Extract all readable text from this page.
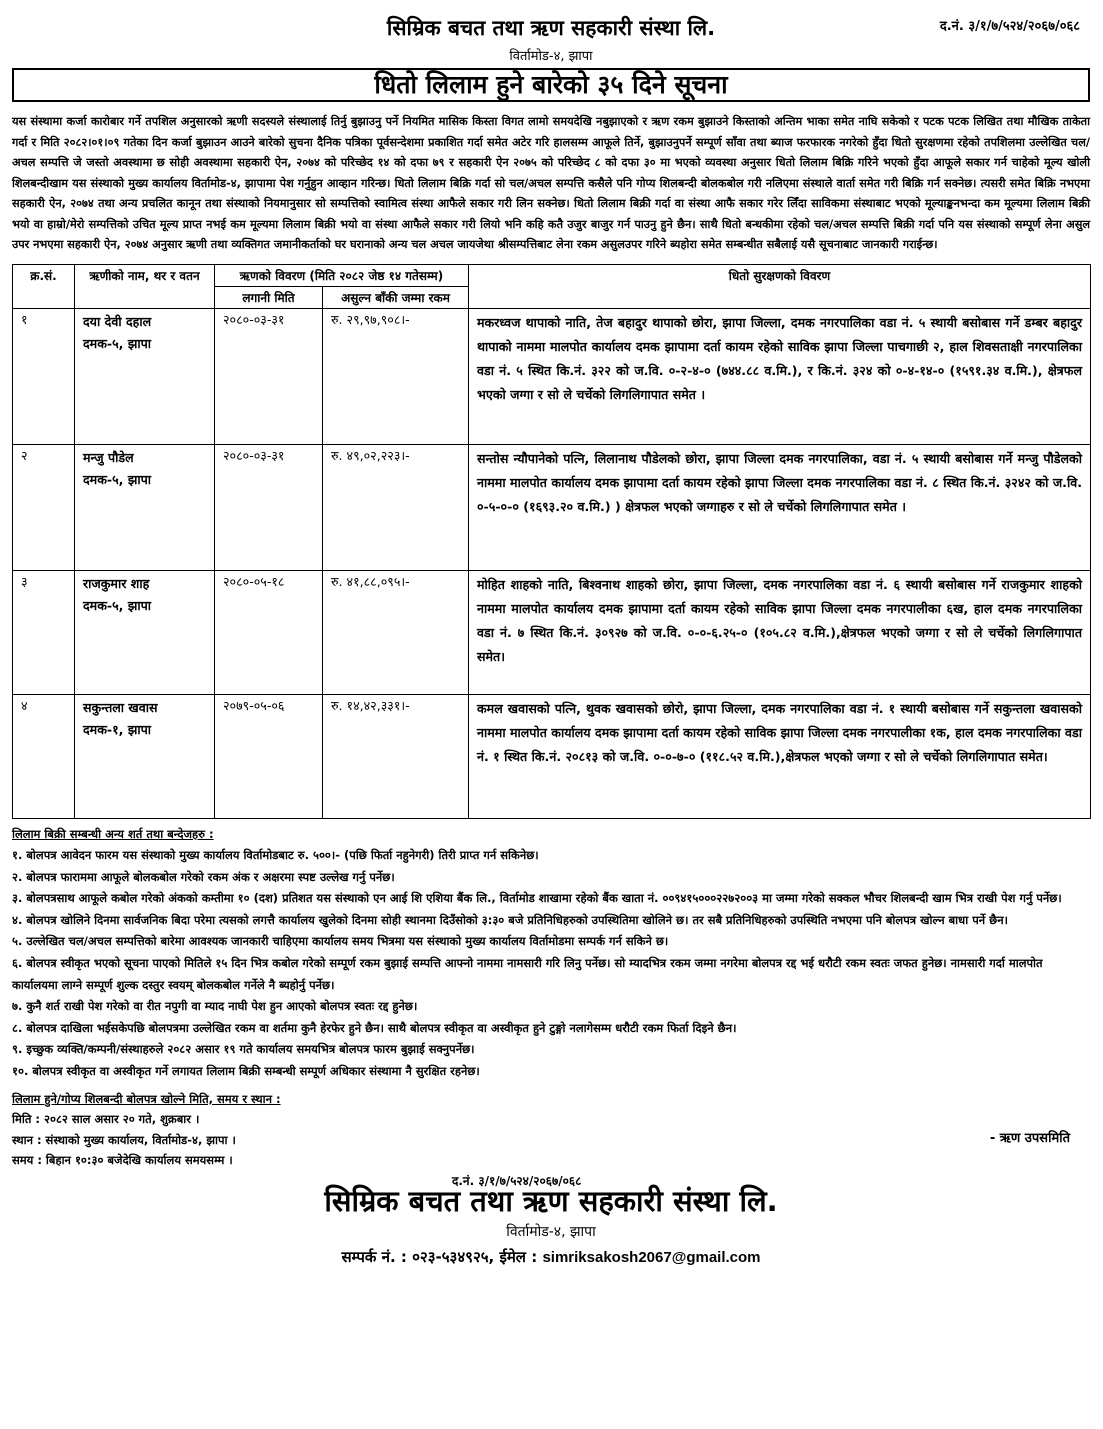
सिम्रिक बचत तथा ऋण सहकारी संस्था लि.
विर्तामोड-४, झापा
द.नं. ३/१/७/५२४/२०६७/०६८
धितो लिलाम हुने बारेको ३५ दिने सूचना
यस संस्थामा कर्जा कारोबार गर्ने तपशिल अनुसारको ऋणी सदस्यले संस्थालाई तिर्नु बुझाउनु पर्ने नियमित मासिक किस्ता विगत लामो समयदेखि नबुझाएको र ऋण रकम बुझाउने किस्ताको अन्तिम भाका समेत नाघि सकेको र पटक पटक लिखित तथा मौखिक ताकेता गर्दा र मिति २०८२।०१।०९ गतेका दिन कर्जा बुझाउन आउने बारेको सुचना दैनिक पत्रिका पूर्वसन्देशमा प्रकाशित गर्दा समेत अटेर गरि हालसम्म आफूले तिर्ने, बुझाउनुपर्ने सम्पूर्ण साँवा तथा ब्याज फरफारक नगरेको हुँदा धितो सुरक्षणमा रहेको तपशिलमा उल्लेखित चल/अचल सम्पत्ति जे जस्तो अवस्थामा छ सोही अवस्थामा सहकारी ऐन, २०७४ को परिच्छेद १४ को दफा ७९ र सहकारी ऐन २०७५ को परिच्छेद ८ को दफा ३० मा भएको व्यवस्था अनुसार धितो लिलाम बिक्रि गरिने भएको हुँदा आफूले सकार गर्न चाहेको मूल्य खोली शिलबन्दीखाम यस संस्थाको मुख्य कार्यालय विर्तामोड-४, झापामा पेश गर्नुहुन आव्हान गरिन्छ। धितो लिलाम बिक्रि गर्दा सो चल/अचल सम्पत्ति कसैले पनि गोप्य शिलबन्दी बोलकबोल गरी नलिएमा संस्थाले वार्ता समेत गरी बिक्रि गर्न सक्नेछ। त्यसरी समेत बिक्रि नभएमा सहकारी ऐन, २०७४ तथा अन्य प्रचलित कानून तथा संस्थाको नियमानुसार सो सम्पत्तिको स्वामित्व संस्था आफैले सकार गरी लिन सक्नेछ। धितो लिलाम बिक्री गर्दा वा संस्था आफै सकार गरेर लिँदा साविकमा संस्थाबाट भएको मूल्याङ्कनभन्दा कम मूल्यमा लिलाम बिक्री भयो वा हाम्रो/मेरो सम्पत्तिको उचित मूल्य प्राप्त नभई कम मूल्यमा लिलाम बिक्री भयो वा संस्था आफैले सकार गरी लियो भनि कहि कतै उजुर बाजुर गर्न पाउनु हुने छैन। साथै धितो बन्धकीमा रहेको चल/अचल सम्पत्ति बिक्री गर्दा पनि यस संस्थाको सम्पूर्ण लेना असुल उपर नभएमा सहकारी ऐन, २०७४ अनुसार ऋणी तथा व्यक्तिगत जमानीकर्ताको घर घरानाको अन्य चल अचल जायजेथा श्रीसम्पत्तिबाट लेना रकम असुलउपर गरिने ब्यहोरा समेत सम्बन्धीत सबैलाई यसै सूचनाबाट जानकारी गराईन्छ।
क्र.सं.	ऋणीको नाम, थर र वतन	ऋणको विवरण (मिति २०८२ जेष्ठ १४ गतेसम्म)		धितो सुरक्षणको विवरण
		लगानी मिति	असुल्न बाँकी जम्मा रकम	
१	दया देवी दहाल
दमक-५, झापा	२०८०-०३-३१	रु. २९,९७,९०८।-	मकरध्वज थापाको नाति, तेज बहादुर थापाको छोरा, झापा जिल्ला, दमक नगरपालिका वडा नं. ५ स्थायी बसोबास गर्ने डम्बर बहादुर थापाको नाममा मालपोत कार्यालय दमक झापामा दर्ता कायम रहेको साविक झापा जिल्ला पाचगाछी २, हाल शिवसताक्षी नगरपालिका वडा नं. ५ स्थित कि.नं. ३२२ को ज.वि. ०-२-४-० (७४४.८८ व.मि.), र कि.नं. ३२४ को ०-४-१४-० (१५९१.३४ व.मि.), क्षेत्रफल भएको जग्गा र सो ले चर्चेको लिगलिगापात समेत ।
२	मन्जु पौडेल
दमक-५, झापा	२०८०-०३-३१	रु. ४९,०२,२२३।-	सन्तोस न्यौपानेको पत्नि, लिलानाथ पौडेलको छोरा, झापा जिल्ला दमक नगरपालिका, वडा नं. ५ स्थायी बसोबास गर्ने मन्जु पौडेलको नाममा मालपोत कार्यालय दमक झापामा दर्ता कायम रहेको झापा जिल्ला दमक नगरपालिका वडा नं. ८ स्थित कि.नं. ३२४२ को ज.वि. ०-५-०-० (१६९३.२० व.मि.) ) क्षेत्रफल भएको जग्गाहरु र सो ले चर्चेको लिगलिगापात समेत ।
३	राजकुमार शाह
दमक-५, झापा	२०८०-०५-१८	रु. ४१,८८,०९५।-	मोहित शाहको नाति, बिश्वनाथ शाहको छोरा, झापा जिल्ला, दमक नगरपालिका वडा नं. ६ स्थायी बसोबास गर्ने राजकुमार शाहको नाममा मालपोत कार्यालय दमक झापामा दर्ता कायम रहेको साविक झापा जिल्ला दमक नगरपालीका ६ख, हाल दमक नगरपालिका वडा नं. ७ स्थित कि.नं. ३०९२७ को ज.वि. ०-०-६.२५-० (१०५.८२ व.मि.),क्षेत्रफल भएको जग्गा र सो ले चर्चेको लिगलिगापात समेत।
४	सकुन्तला खवास
दमक-१, झापा	२०७९-०५-०६	रु. १४,४२,३३१।-	कमल खवासको पत्नि, थुवक खवासको छोरो, झापा जिल्ला, दमक नगरपालिका वडा नं. १ स्थायी बसोबास गर्ने सकुन्तला खवासको नाममा मालपोत कार्यालय दमक झापामा दर्ता कायम रहेको साविक झापा जिल्ला दमक नगरपालीका १क, हाल दमक नगरपालिका वडा नं. १ स्थित कि.नं. २०८१३ को ज.वि. ०-०-७-० (११८.५२ व.मि.),क्षेत्रफल भएको जग्गा र सो ले चर्चेको लिगलिगापात समेत।
लिलाम बिक्री सम्बन्धी अन्य शर्त तथा बन्देजहरु :
१. बोलपत्र आवेदन फारम यस संस्थाको मुख्य कार्यालय विर्तामोडबाट रु. ५००।- (पछि फिर्ता नहुनेगरी) तिरी प्राप्त गर्न सकिनेछ।
२. बोलपत्र फाराममा आफूले बोलकबोल गरेको रकम अंक र अक्षरमा स्पष्ट उल्लेख गर्नु पर्नेछ।
३. बोलपत्रसाथ आफूले कबोल गरेको अंकको कम्तीमा १० (दश) प्रतिशत यस संस्थाको एन आई शि एशिया बैंक लि., विर्तामोड शाखामा रहेको बैंक खाता नं. ००९४१५०००२२७२००३ मा जम्मा गरेको सक्कल भौचर शिलबन्दी खाम भित्र राखी पेश गर्नु पर्नेछ।
४. बोलपत्र खोलिने दिनमा सार्वजनिक बिदा परेमा त्यसको लगत्तै कार्यालय खुलेको दिनमा सोही स्थानमा दिउँसोको ३:३० बजे प्रतिनिधिहरुको उपस्थितिमा खोलिने छ। तर सबै प्रतिनिधिहरुको उपस्थिति नभएमा पनि बोलपत्र खोल्न बाधा पर्ने छैन।
५. उल्लेखित चल/अचल सम्पत्तिको बारेमा आवश्यक जानकारी चाहिएमा कार्यालय समय भित्रमा यस संस्थाको मुख्य कार्यालय विर्तामोडमा सम्पर्क गर्न सकिने छ।
६. बोलपत्र स्वीकृत भएको सूचना पाएको मितिले १५ दिन भित्र कबोल गरेको सम्पूर्ण रकम बुझाई सम्पत्ति आफ्नो नाममा नामसारी गरि लिनु पर्नेछ। सो म्यादभित्र रकम जम्मा नगरेमा बोलपत्र रद्द भई धरौटी रकम स्वतः जफत हुनेछ। नामसारी गर्दा मालपोत कार्यालयमा लाग्ने सम्पूर्ण शुल्क दस्तुर स्वयम् बोलकबोल गर्नेले नै ब्यहोर्नु पर्नेछ।
७. कुनै शर्त राखी पेश गरेको वा रीत नपुगी वा म्याद नाघी पेश हुन आएको बोलपत्र स्वतः रद्द हुनेछ।
८. बोलपत्र दाखिला भईसकेपछि बोलपत्रमा उल्लेखित रकम वा शर्तमा कुनै हेरफेर हुने छैन। साथै बोलपत्र स्वीकृत वा अस्वीकृत हुने टुङ्गो नलागेसम्म धरौटी रकम फिर्ता दिइने छैन।
९. इच्छुक व्यक्ति/कम्पनी/संस्थाहरुले २०८२ असार १९ गते कार्यालय समयभित्र बोलपत्र फारम बुझाई सक्नुपर्नेछ।
१०. बोलपत्र स्वीकृत वा अस्वीकृत गर्ने लगायत लिलाम बिक्री सम्बन्धी सम्पूर्ण अधिकार संस्थामा नै सुरक्षित रहनेछ।
लिलाम हुने/गोप्य शिलबन्दी बोलपत्र खोल्ने मिति, समय र स्थान :
मिति : २०८२ साल असार २० गते, शुक्रबार ।
स्थान : संस्थाको मुख्य कार्यालय, विर्तामोड-४, झापा ।
समय : बिहान १०:३० बजेदेखि कार्यालय समयसम्म ।
- ऋण उपसमिति
द.नं. ३/१/७/५२४/२०६७/०६८
सिम्रिक बचत तथा ऋण सहकारी संस्था लि.
विर्तामोड-४, झापा
सम्पर्क नं. : ०२३-५३४९२५, ईमेल : simriksakosh2067@gmail.com
